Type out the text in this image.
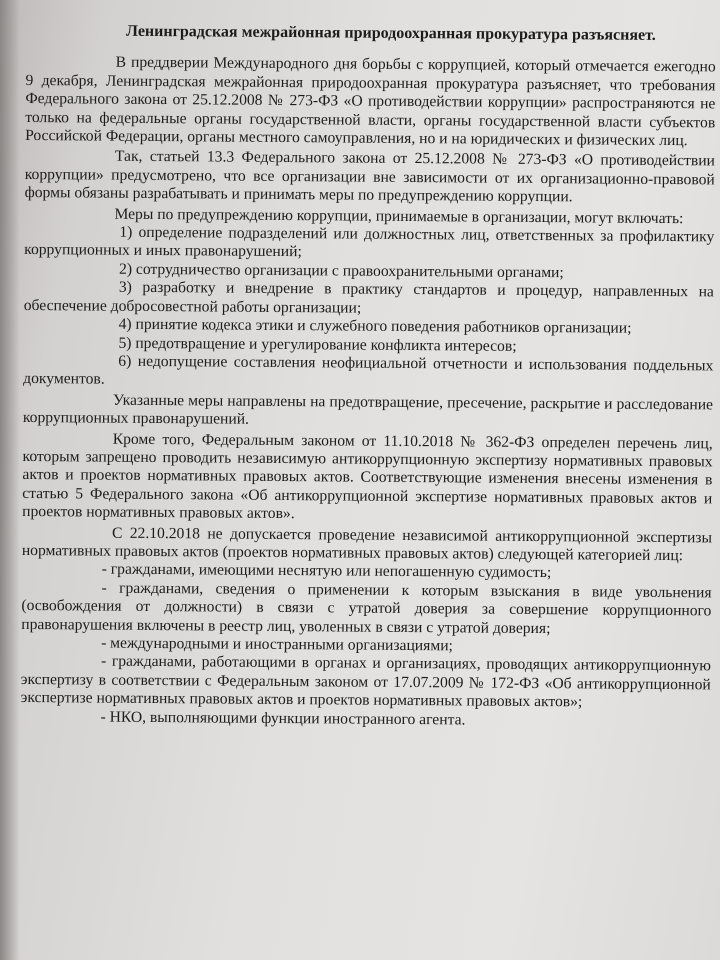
Ленинградская межрайонная природоохранная прокуратура разъясняет.

В преддверии Международного дня борьбы с коррупцией, который отмечается ежегодно 9 декабря, Ленинградская межрайонная природоохранная прокуратура разъясняет, что требования Федерального закона от 25.12.2008 № 273-ФЗ «О противодействии коррупции» распространяются не только на федеральные органы государственной власти, органы государственной власти субъектов Российской Федерации, органы местного самоуправления, но и на юридических и физических лиц.

Так, статьей 13.3 Федерального закона от 25.12.2008 № 273-ФЗ «О противодействии коррупции» предусмотрено, что все организации вне зависимости от их организационно-правовой формы обязаны разрабатывать и принимать меры по предупреждению коррупции.

Меры по предупреждению коррупции, принимаемые в организации, могут включать:

1) определение подразделений или должностных лиц, ответственных за профилактику коррупционных и иных правонарушений;

2) сотрудничество организации с правоохранительными органами;

3) разработку и внедрение в практику стандартов и процедур, направленных на обеспечение добросовестной работы организации;

4) принятие кодекса этики и служебного поведения работников организации;

5) предотвращение и урегулирование конфликта интересов;

6) недопущение составления неофициальной отчетности и использования поддельных документов.

Указанные меры направлены на предотвращение, пресечение, раскрытие и расследование коррупционных правонарушений.

Кроме того, Федеральным законом от 11.10.2018 № 362-ФЗ определен перечень лиц, которым запрещено проводить независимую антикоррупционную экспертизу нормативных правовых актов и проектов нормативных правовых актов. Соответствующие изменения внесены изменения в статью 5 Федерального закона «Об антикоррупционной экспертизе нормативных правовых актов и проектов нормативных правовых актов».

С 22.10.2018 не допускается проведение независимой антикоррупционной экспертизы нормативных правовых актов (проектов нормативных правовых актов) следующей категорией лиц:

- гражданами, имеющими неснятую или непогашенную судимость;

- гражданами, сведения о применении к которым взыскания в виде увольнения (освобождения от должности) в связи с утратой доверия за совершение коррупционного правонарушения включены в реестр лиц, уволенных в связи с утратой доверия;

- международными и иностранными организациями;

- гражданами, работающими в органах и организациях, проводящих антикоррупционную экспертизу в соответствии с Федеральным законом от 17.07.2009 № 172-ФЗ «Об антикоррупционной экспертизе нормативных правовых актов и проектов нормативных правовых актов»;

- НКО, выполняющими функции иностранного агента.
